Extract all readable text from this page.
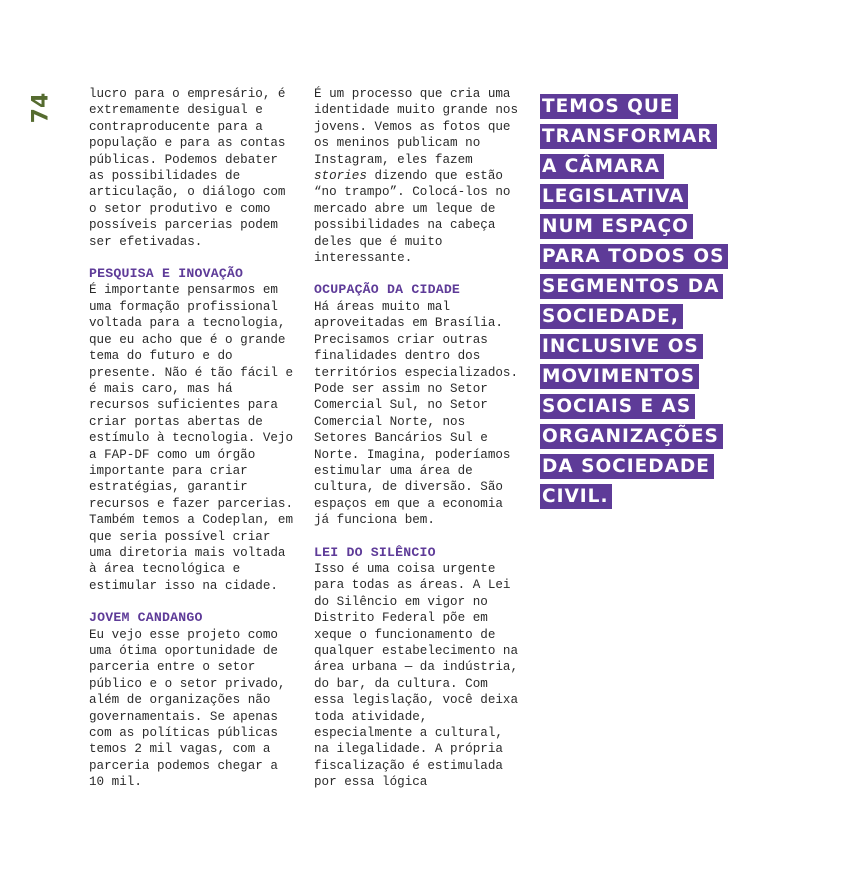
74	lucro para o empresário, é extremamente desigual e contraproducente para a população e para as contas públicas. Podemos debater as possibilidades de articulação, o diálogo com o setor produtivo e como possíveis parcerias podem ser efetivadas.

PESQUISA E INOVAÇÃO

É importante pensarmos em uma formação profissional voltada para a tecnologia, que eu acho que é o grande tema do futuro e do presente. Não é tão fácil e é mais caro, mas há recursos suficientes para criar portas abertas de estímulo à tecnologia. Vejo a FAP-DF como um órgão importante para criar estratégias, garantir recursos e fazer parcerias. Também temos a Codeplan, em que seria possível criar uma diretoria mais voltada à área tecnológica e estimular isso na cidade.

JOVEM CANDANGO

Eu vejo esse projeto como uma ótima oportunidade de parceria entre o setor público e o setor privado, além de organizações não governamentais. Se apenas com as políticas públicas temos 2 mil vagas, com a parceria podemos chegar a 10 mil.

É um processo que cria uma identidade muito grande nos jovens. Vemos as fotos que os meninos publicam no Instagram, eles fazem stories dizendo que estão “no trampo”. Colocá-los no mercado abre um leque de possibilidades na cabeça deles que é muito interessante.

OCUPAÇÃO DA CIDADE

Há áreas muito mal aproveitadas em Brasília. Precisamos criar outras finalidades dentro dos territórios especializados. Pode ser assim no Setor Comercial Sul, no Setor Comercial Norte, nos Setores Bancários Sul e Norte. Imagina, poderíamos estimular uma área de cultura, de diversão. São espaços em que a economia já funciona bem.

LEI DO SILÊNCIO

Isso é uma coisa urgente para todas as áreas. A Lei do Silêncio em vigor no Distrito Federal põe em xeque o funcionamento de qualquer estabelecimento na área urbana — da indústria, do bar, da cultura. Com essa legislação, você deixa toda atividade, especialmente a cultural, na ilegalidade. A própria fiscalização é estimulada por essa lógica

TEMOS QUE
TRANSFORMAR
A CÂMARA
LEGISLATIVA
NUM ESPAÇO
PARA TODOS OS
SEGMENTOS DA
SOCIEDADE,
INCLUSIVE OS
MOVIMENTOS
SOCIAIS E AS
ORGANIZAÇÕES
DA SOCIEDADE
CIVIL.
